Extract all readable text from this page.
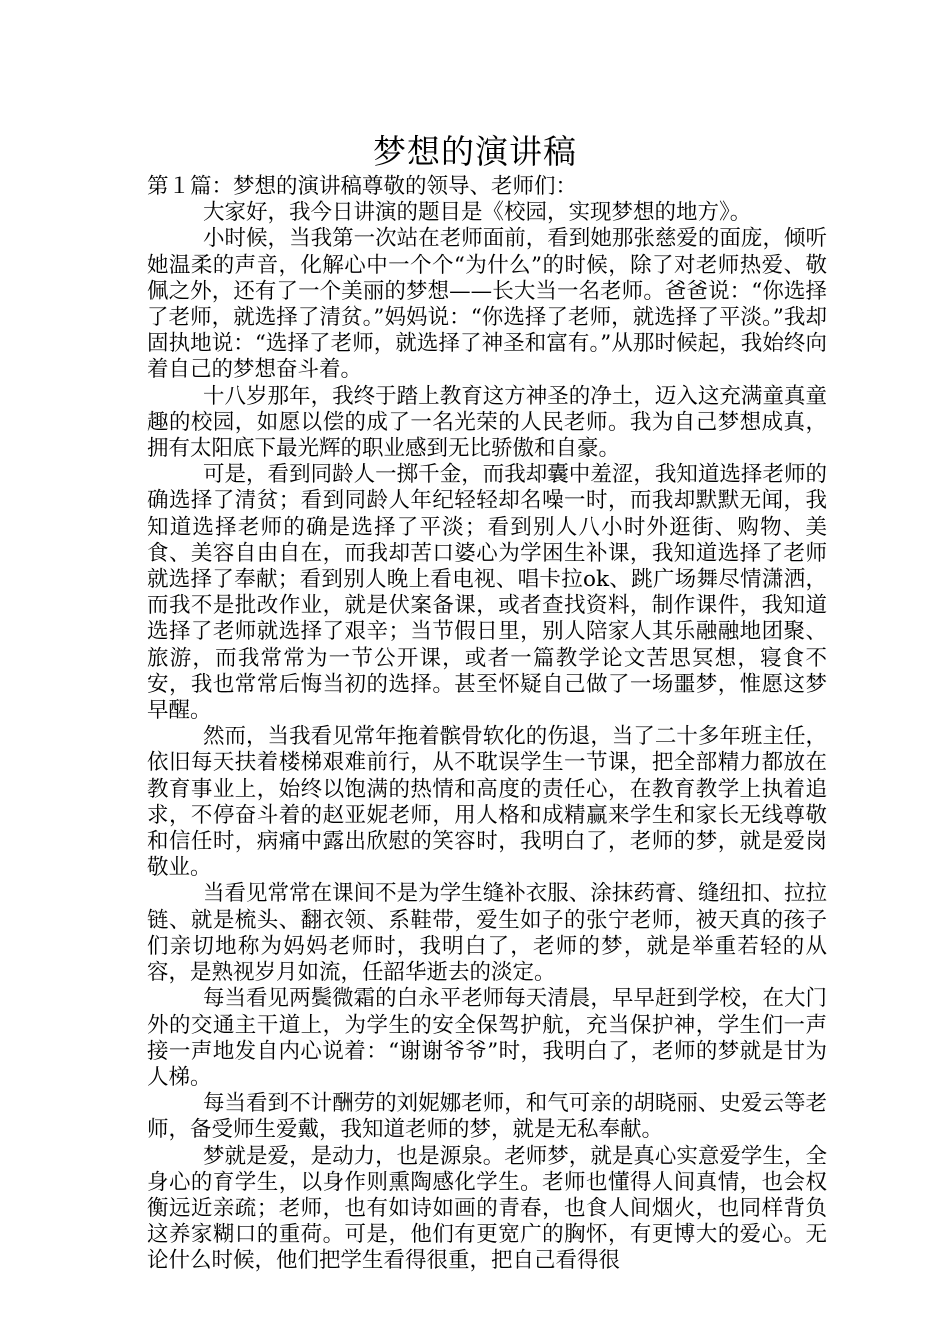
梦想的演讲稿

第１篇：梦想的演讲稿尊敬的领导、老师们：

大家好，我今日讲演的题目是《校园，实现梦想的地方》。

小时候，当我第一次站在老师面前，看到她那张慈爱的面庞，倾听她温柔的声音，化解心中一个个“为什么”的时候，除了对老师热爱、敬佩之外，还有了一个美丽的梦想——长大当一名老师。爸爸说：“你选择了老师，就选择了清贫。”妈妈说：“你选择了老师，就选择了平淡。”我却固执地说：“选择了老师，就选择了神圣和富有。”从那时候起，我始终向着自己的梦想奋斗着。

十八岁那年，我终于踏上教育这方神圣的净土，迈入这充满童真童趣的校园，如愿以偿的成了一名光荣的人民老师。我为自己梦想成真，拥有太阳底下最光辉的职业感到无比骄傲和自豪。

可是，看到同龄人一掷千金，而我却囊中羞涩，我知道选择老师的确选择了清贫；看到同龄人年纪轻轻却名噪一时，而我却默默无闻，我知道选择老师的确是选择了平淡；看到别人八小时外逛街、购物、美食、美容自由自在，而我却苦口婆心为学困生补课，我知道选择了老师就选择了奉献；看到别人晚上看电视、唱卡拉ok、跳广场舞尽情潇洒，而我不是批改作业，就是伏案备课，或者查找资料，制作课件，我知道选择了老师就选择了艰辛；当节假日里，别人陪家人其乐融融地团聚、旅游，而我常常为一节公开课，或者一篇教学论文苦思冥想，寝食不安，我也常常后悔当初的选择。甚至怀疑自己做了一场噩梦，惟愿这梦早醒。

然而，当我看见常年拖着髌骨软化的伤退，当了二十多年班主任，依旧每天扶着楼梯艰难前行，从不耽误学生一节课，把全部精力都放在教育事业上，始终以饱满的热情和高度的责任心，在教育教学上执着追求，不停奋斗着的赵亚妮老师，用人格和成精赢来学生和家长无线尊敬和信任时，病痛中露出欣慰的笑容时，我明白了，老师的梦，就是爱岗敬业。

当看见常常在课间不是为学生缝补衣服、涂抹药膏、缝纽扣、拉拉链、就是梳头、翻衣领、系鞋带，爱生如子的张宁老师，被天真的孩子们亲切地称为妈妈老师时，我明白了，老师的梦，就是举重若轻的从容，是熟视岁月如流，任韶华逝去的淡定。

每当看见两鬓微霜的白永平老师每天清晨，早早赶到学校，在大门外的交通主干道上，为学生的安全保驾护航，充当保护神，学生们一声接一声地发自内心说着：“谢谢爷爷”时，我明白了，老师的梦就是甘为人梯。

每当看到不计酬劳的刘妮娜老师，和气可亲的胡晓丽、史爱云等老师，备受师生爱戴，我知道老师的梦，就是无私奉献。

梦就是爱，是动力，也是源泉。老师梦，就是真心实意爱学生，全身心的育学生，以身作则熏陶感化学生。老师也懂得人间真情，也会权衡远近亲疏；老师，也有如诗如画的青春，也食人间烟火，也同样背负这养家糊口的重荷。可是，他们有更宽广的胸怀，有更博大的爱心。无论什么时候，他们把学生看得很重，把自己看得很
